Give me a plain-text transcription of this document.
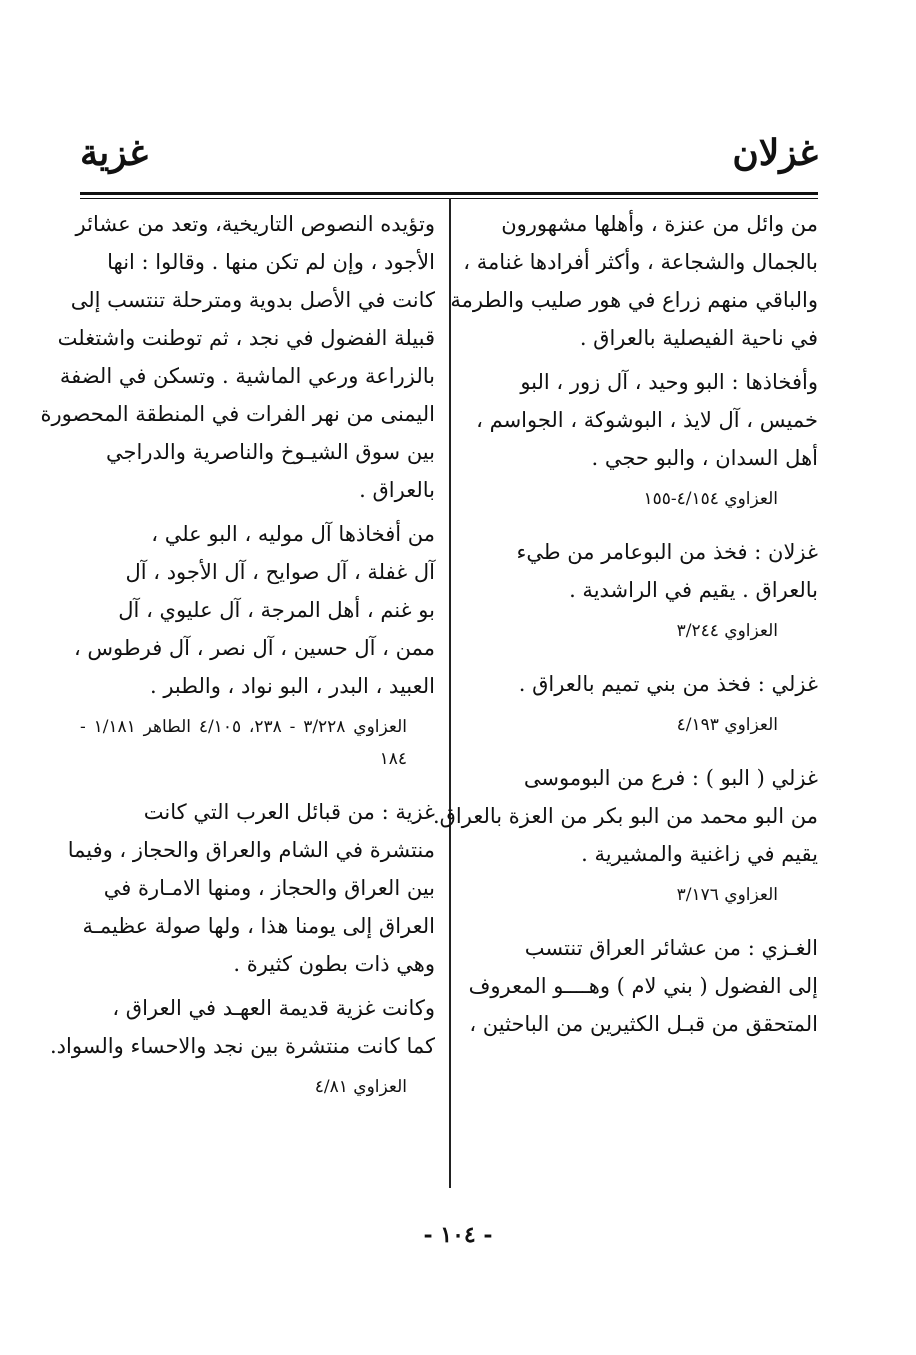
غزلان
غزية
من وائل من عنزة ، وأهلها مشهورون
بالجمال والشجاعة ، وأكثر أفرادها غنامة ،
والباقي منهم زراع في هور صليب والطرمة
في ناحية الفيصلية بالعراق .
وأفخاذها : البو وحيد ، آل زور ، البو
خميس ، آل لايذ ، البوشوكة ، الجواسم ،
أهل السدان ، والبو حجي .
العزاوي ٤/١٥٤-١٥٥
غزلان : فخذ من البوعامر من طيء
بالعراق . يقيم في الراشدية .
العزاوي ٣/٢٤٤
غزلي : فخذ من بني تميم بالعراق .
العزاوي ٤/١٩٣
غزلي ( البو ) : فرع من البوموسى
من البو محمد من البو بكر من العزة بالعراق.
يقيم في زاغنية والمشيرية .
العزاوي ٣/١٧٦
الغـزي : من عشائر العراق تنتسب
إلى الفضول ( بني لام ) وهــــو المعروف
المتحقق من قبـل الكثيرين من الباحثين ،
وتؤيده النصوص التاريخية، وتعد من عشائر
الأجود ، وإن لم تكن منها . وقالوا : انها
كانت في الأصل بدوية ومترحلة تنتسب إلى
قبيلة الفضول في نجد ، ثم توطنت واشتغلت
بالزراعة ورعي الماشية . وتسكن في الضفة
اليمنى من نهر الفرات في المنطقة المحصورة
بين سوق الشيـوخ والناصرية والدراجي
بالعراق .
من أفخاذها آل موليه ، البو علي ،
آل غفلة ، آل صوايح ، آل الأجود ، آل
بو غنم ، أهل المرجة ، آل عليوي ، آل
ممن ، آل حسين ، آل نصر ، آل فرطوس ،
العبيد ، البدر ، البو نواد ، والطبر .
العزاوي ٣/٢٢٨ - ٢٣٨، ٤/١٠٥ الطاهر ١/١٨١ - ١٨٤
غزية : من قبائل العرب التي كانت
منتشرة في الشام والعراق والحجاز ، وفيما
بين العراق والحجاز ، ومنها الامـارة في
العراق إلى يومنا هذا ، ولها صولة عظيمـة
وهي ذات بطون كثيرة .
وكانت غزية قديمة العهـد في العراق ،
كما كانت منتشرة بين نجد والاحساء والسواد.
العزاوي ٤/٨١
- ١٠٤ -
